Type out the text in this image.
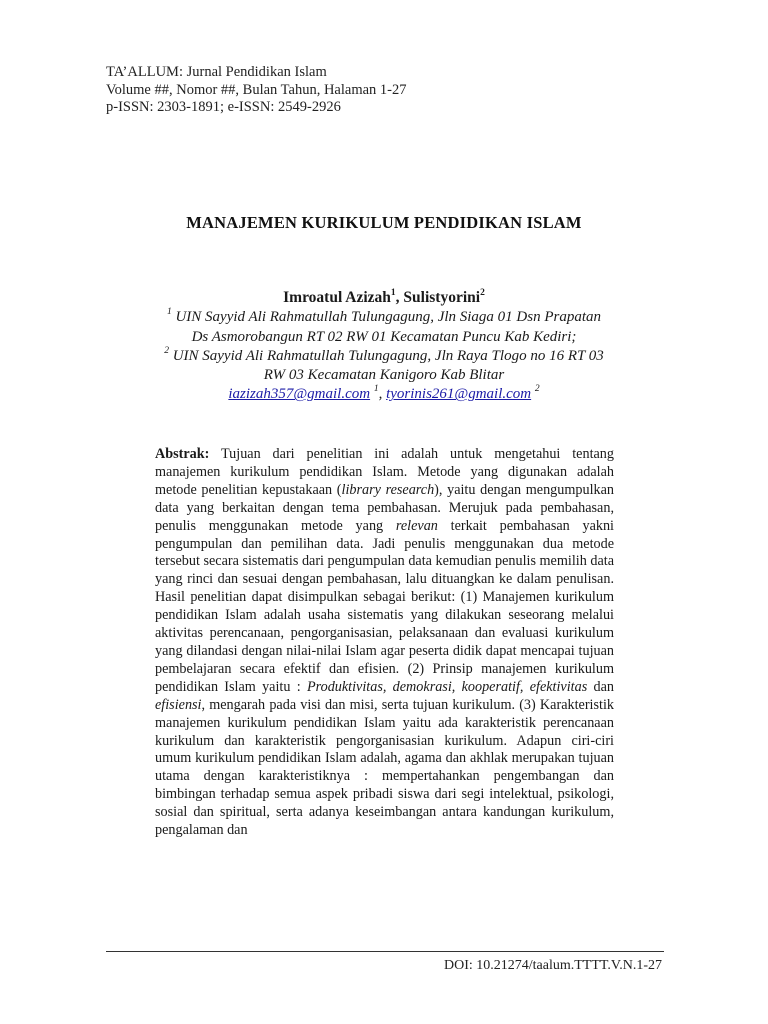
TA’ALLUM: Jurnal Pendidikan Islam
Volume ##, Nomor ##, Bulan Tahun, Halaman 1-27
p-ISSN: 2303-1891; e-ISSN: 2549-2926
MANAJEMEN KURIKULUM PENDIDIKAN ISLAM
Imroatul Azizah$^1$, Sulistyorini$^2$
$^1$ UIN Sayyid Ali Rahmatullah Tulungagung, Jln Siaga 01 Dsn Prapatan
Ds Asmorobangun RT 02 RW 01 Kecamatan Puncu Kab Kediri;
$^2$ UIN Sayyid Ali Rahmatullah Tulungagung, Jln Raya Tlogo no 16 RT 03
RW 03 Kecamatan Kanigoro Kab Blitar
iazizah357@gmail.com $^1$, tyorinis261@gmail.com $^2$
Abstrak: Tujuan dari penelitian ini adalah untuk mengetahui tentang manajemen kurikulum pendidikan Islam. Metode yang digunakan adalah metode penelitian kepustakaan (library research), yaitu dengan mengumpulkan data yang berkaitan dengan tema pembahasan. Merujuk pada pembahasan, penulis menggunakan metode yang relevan terkait pembahasan yakni pengumpulan dan pemilihan data. Jadi penulis menggunakan dua metode tersebut secara sistematis dari pengumpulan data kemudian penulis memilih data yang rinci dan sesuai dengan pembahasan, lalu dituangkan ke dalam penulisan. Hasil penelitian dapat disimpulkan sebagai berikut: (1) Manajemen kurikulum pendidikan Islam adalah usaha sistematis yang dilakukan seseorang melalui aktivitas perencanaan, pengorganisasian, pelaksanaan dan evaluasi kurikulum yang dilandasi dengan nilai-nilai Islam agar peserta didik dapat mencapai tujuan pembelajaran secara efektif dan efisien. (2) Prinsip manajemen kurikulum pendidikan Islam yaitu : Produktivitas, demokrasi, kooperatif, efektivitas dan efisiensi, mengarah pada visi dan misi, serta tujuan kurikulum. (3) Karakteristik manajemen kurikulum pendidikan Islam yaitu ada karakteristik perencanaan kurikulum dan karakteristik pengorganisasian kurikulum. Adapun ciri-ciri umum kurikulum pendidikan Islam adalah, agama dan akhlak merupakan tujuan utama dengan karakteristiknya : mempertahankan pengembangan dan bimbingan terhadap semua aspek pribadi siswa dari segi intelektual, psikologi, sosial dan spiritual, serta adanya keseimbangan antara kandungan kurikulum, pengalaman dan
DOI: 10.21274/taalum.TTTT.V.N.1-27
